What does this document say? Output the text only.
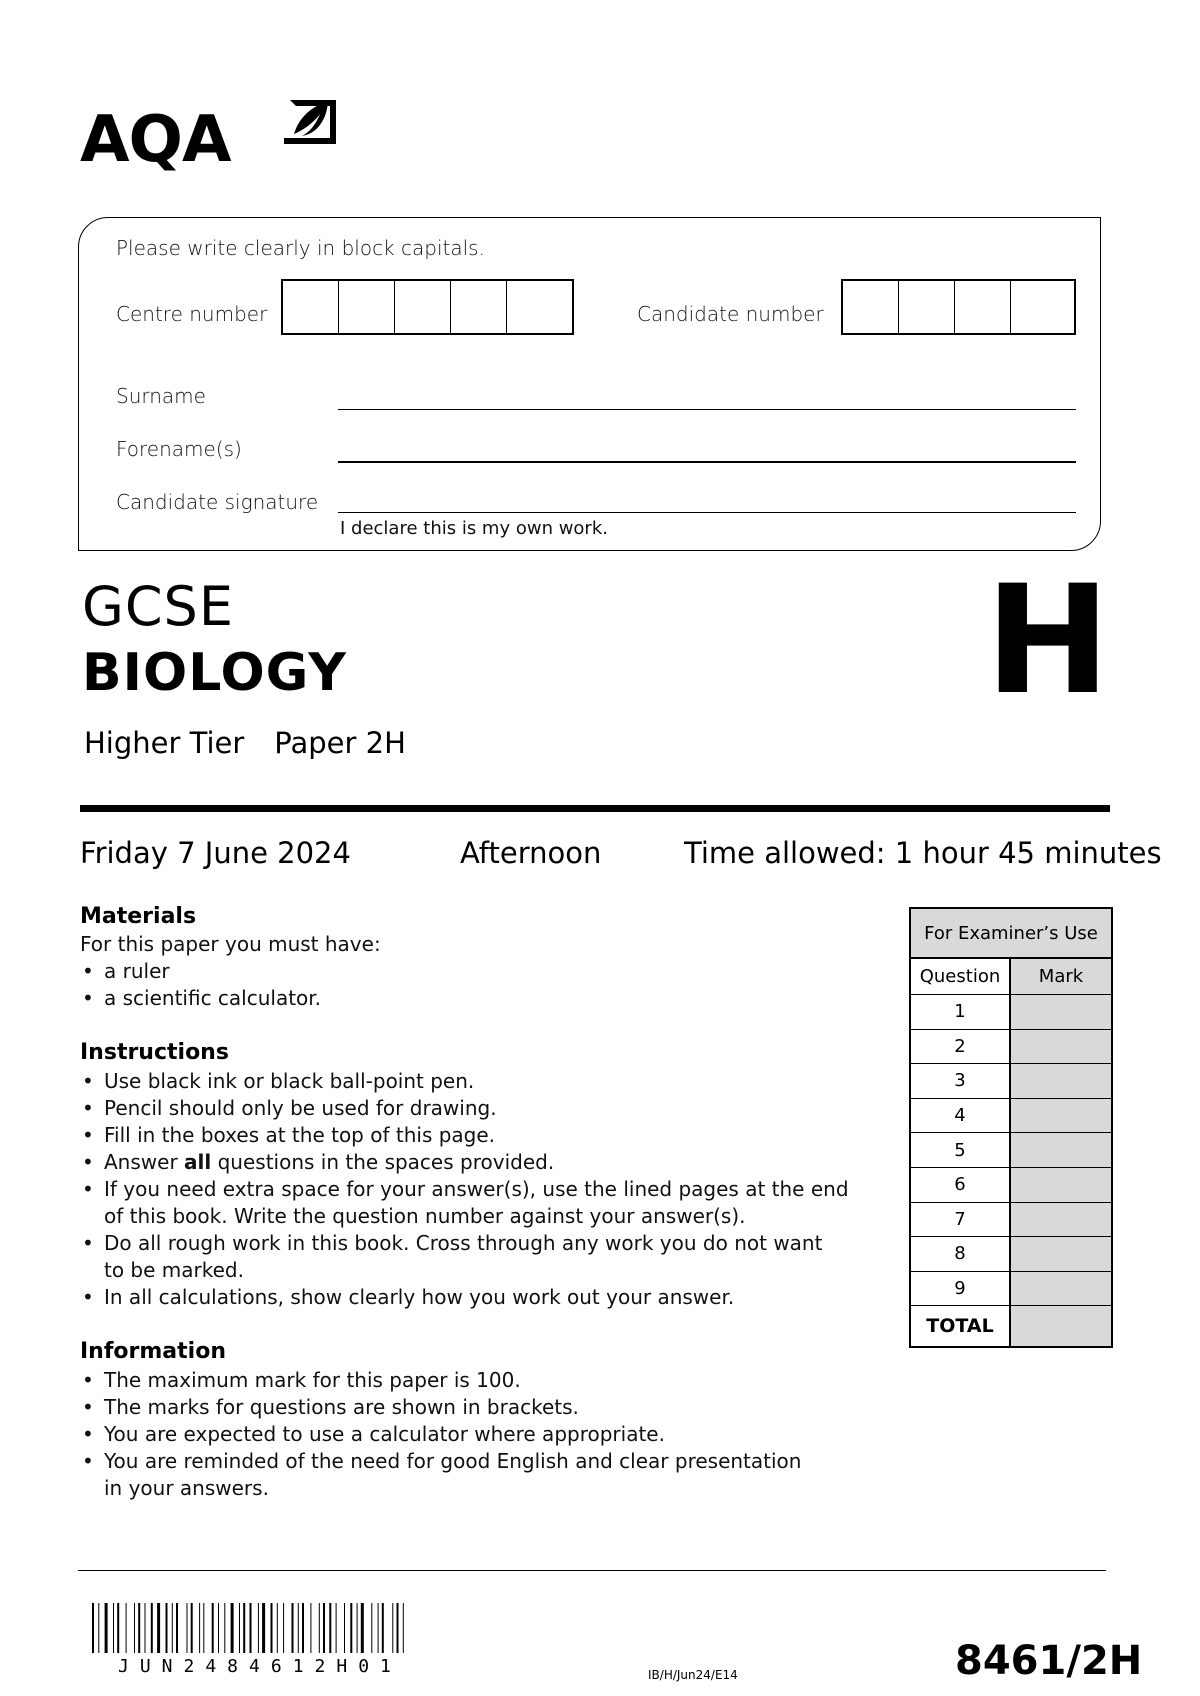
AQA
Please write clearly in block capitals.
Centre number	Candidate number
Surname
Forename(s)
Candidate signature
I declare this is my own work.
GCSE
BIOLOGY
Higher Tier Paper 2H
H
Friday 7 June 2024	Afternoon	Time allowed: 1 hour 45 minutes
Materials
For this paper you must have:
• a ruler
• a scientific calculator.
Instructions
• Use black ink or black ball-point pen.
• Pencil should only be used for drawing.
• Fill in the boxes at the top of this page.
• Answer all questions in the spaces provided.
• If you need extra space for your answer(s), use the lined pages at the end of this book. Write the question number against your answer(s).
• Do all rough work in this book. Cross through any work you do not want to be marked.
• In all calculations, show clearly how you work out your answer.
Information
• The maximum mark for this paper is 100.
• The marks for questions are shown in brackets.
• You are expected to use a calculator where appropriate.
• You are reminded of the need for good English and clear presentation in your answers.
For Examiner’s Use
Question	Mark
1
2
3
4
5
6
7
8
9
TOTAL
JUN2484612H01	IB/H/Jun24/E14	8461/2H
